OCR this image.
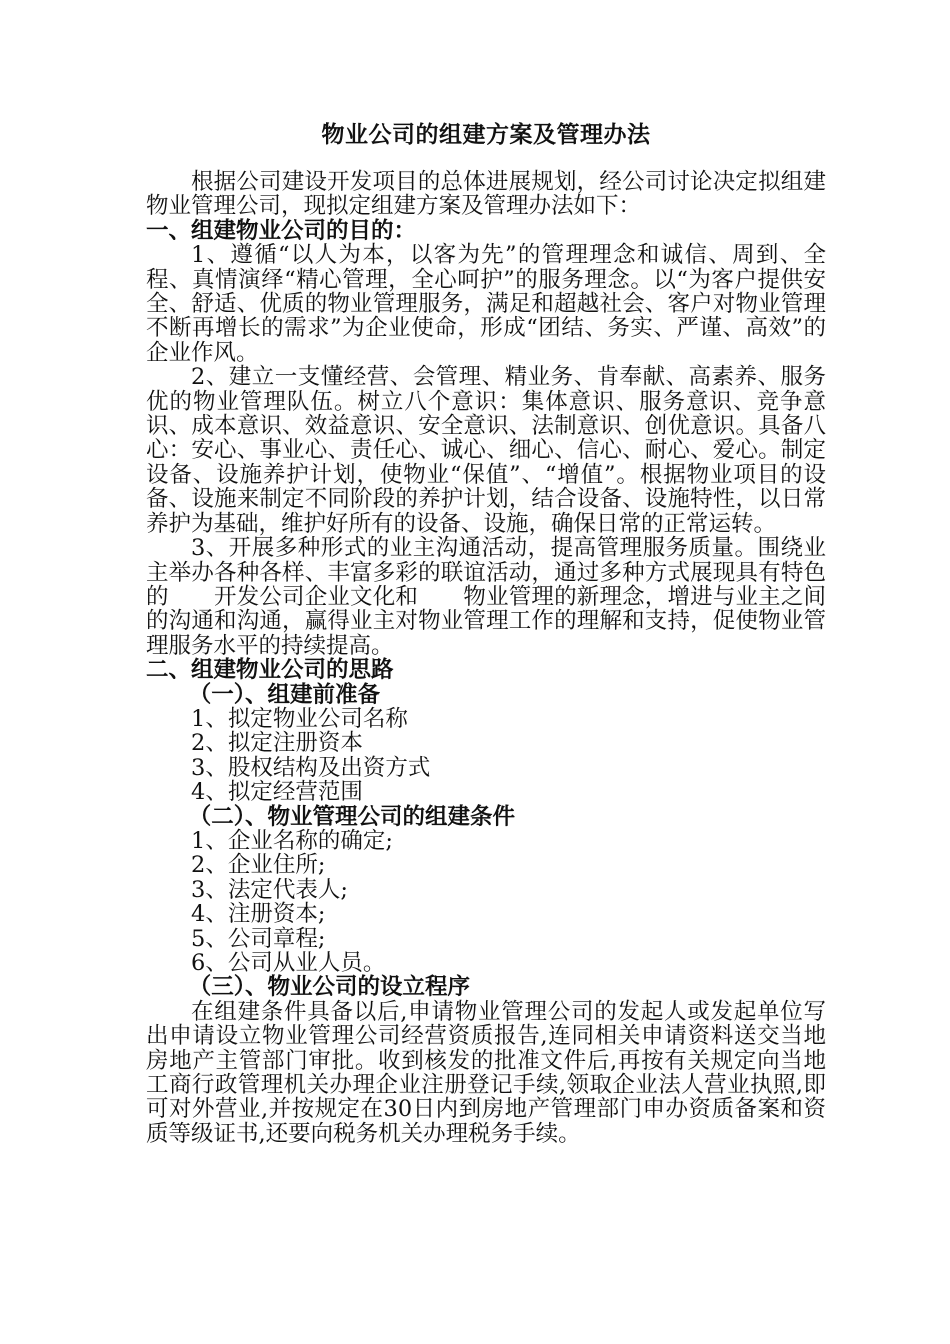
物业公司的组建方案及管理办法

根据公司建设开发项目的总体进展规划，经公司讨论决定拟组建物业管理公司，现拟定组建方案及管理办法如下：

一、组建物业公司的目的：

1、遵循“以人为本，以客为先”的管理理念和诚信、周到、全程、真情演绎“精心管理，全心呵护”的服务理念。以“为客户提供安全、舒适、优质的物业管理服务，满足和超越社会、客户对物业管理不断再增长的需求”为企业使命，形成“团结、务实、严谨、高效”的企业作风。

2、建立一支懂经营、会管理、精业务、肯奉献、高素养、服务优的物业管理队伍。树立八个意识：集体意识、服务意识、竞争意识、成本意识、效益意识、安全意识、法制意识、创优意识。具备八心：安心、事业心、责任心、诚心、细心、信心、耐心、爱心。制定设备、设施养护计划，使物业“保值”、“增值”。根据物业项目的设备、设施来制定不同阶段的养护计划，结合设备、设施特性，以日常养护为基础，维护好所有的设备、设施，确保日常的正常运转。

3、开展多种形式的业主沟通活动，提高管理服务质量。围绕业主举办各种各样、丰富多彩的联谊活动，通过多种方式展现具有特色的　　开发公司企业文化和　　物业管理的新理念，增进与业主之间的沟通和沟通，赢得业主对物业管理工作的理解和支持，促使物业管理服务水平的持续提高。

二、组建物业公司的思路
（一）、组建前准备
1、拟定物业公司名称
2、拟定注册资本
3、股权结构及出资方式
4、拟定经营范围
（二）、物业管理公司的组建条件
1、企业名称的确定;
2、企业住所;
3、法定代表人;
4、注册资本;
5、公司章程;
6、公司从业人员。
（三）、物业公司的设立程序

在组建条件具备以后,申请物业管理公司的发起人或发起单位写出申请设立物业管理公司经营资质报告,连同相关申请资料送交当地房地产主管部门审批。收到核发的批准文件后,再按有关规定向当地工商行政管理机关办理企业注册登记手续,领取企业法人营业执照,即可对外营业,并按规定在30日内到房地产管理部门申办资质备案和资质等级证书,还要向税务机关办理税务手续。
